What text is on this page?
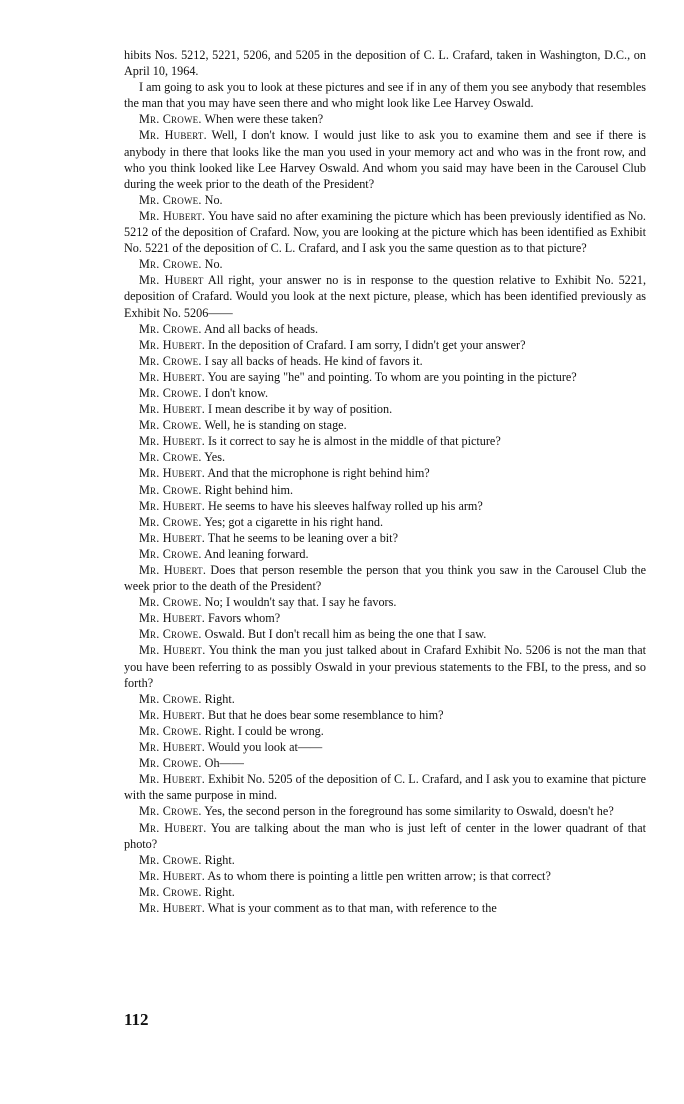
hibits Nos. 5212, 5221, 5206, and 5205 in the deposition of C. L. Crafard, taken in Washington, D.C., on April 10, 1964.

I am going to ask you to look at these pictures and see if in any of them you see anybody that resembles the man that you may have seen there and who might look like Lee Harvey Oswald.

Mr. Crowe. When were these taken?

Mr. Hubert. Well, I don't know. I would just like to ask you to examine them and see if there is anybody in there that looks like the man you used in your memory act and who was in the front row, and who you think looked like Lee Harvey Oswald. And whom you said may have been in the Carousel Club during the week prior to the death of the President?

Mr. Crowe. No.

Mr. Hubert. You have said no after examining the picture which has been previously identified as No. 5212 of the deposition of Crafard. Now, you are looking at the picture which has been identified as Exhibit No. 5221 of the deposition of C. L. Crafard, and I ask you the same question as to that picture?

Mr. Crowe. No.

Mr. Hubert All right, your answer no is in response to the question relative to Exhibit No. 5221, deposition of Crafard. Would you look at the next picture, please, which has been identified previously as Exhibit No. 5206——

Mr. Crowe. And all backs of heads.

Mr. Hubert. In the deposition of Crafard. I am sorry, I didn't get your answer?

Mr. Crowe. I say all backs of heads. He kind of favors it.

Mr. Hubert. You are saying "he" and pointing. To whom are you pointing in the picture?

Mr. Crowe. I don't know.

Mr. Hubert. I mean describe it by way of position.

Mr. Crowe. Well, he is standing on stage.

Mr. Hubert. Is it correct to say he is almost in the middle of that picture?

Mr. Crowe. Yes.

Mr. Hubert. And that the microphone is right behind him?

Mr. Crowe. Right behind him.

Mr. Hubert. He seems to have his sleeves halfway rolled up his arm?

Mr. Crowe. Yes; got a cigarette in his right hand.

Mr. Hubert. That he seems to be leaning over a bit?

Mr. Crowe. And leaning forward.

Mr. Hubert. Does that person resemble the person that you think you saw in the Carousel Club the week prior to the death of the President?

Mr. Crowe. No; I wouldn't say that. I say he favors.

Mr. Hubert. Favors whom?

Mr. Crowe. Oswald. But I don't recall him as being the one that I saw.

Mr. Hubert. You think the man you just talked about in Crafard Exhibit No. 5206 is not the man that you have been referring to as possibly Oswald in your previous statements to the FBI, to the press, and so forth?

Mr. Crowe. Right.

Mr. Hubert. But that he does bear some resemblance to him?

Mr. Crowe. Right. I could be wrong.

Mr. Hubert. Would you look at——

Mr. Crowe. Oh——

Mr. Hubert. Exhibit No. 5205 of the deposition of C. L. Crafard, and I ask you to examine that picture with the same purpose in mind.

Mr. Crowe. Yes, the second person in the foreground has some similarity to Oswald, doesn't he?

Mr. Hubert. You are talking about the man who is just left of center in the lower quadrant of that photo?

Mr. Crowe. Right.

Mr. Hubert. As to whom there is pointing a little pen written arrow; is that correct?

Mr. Crowe. Right.

Mr. Hubert. What is your comment as to that man, with reference to the

112
